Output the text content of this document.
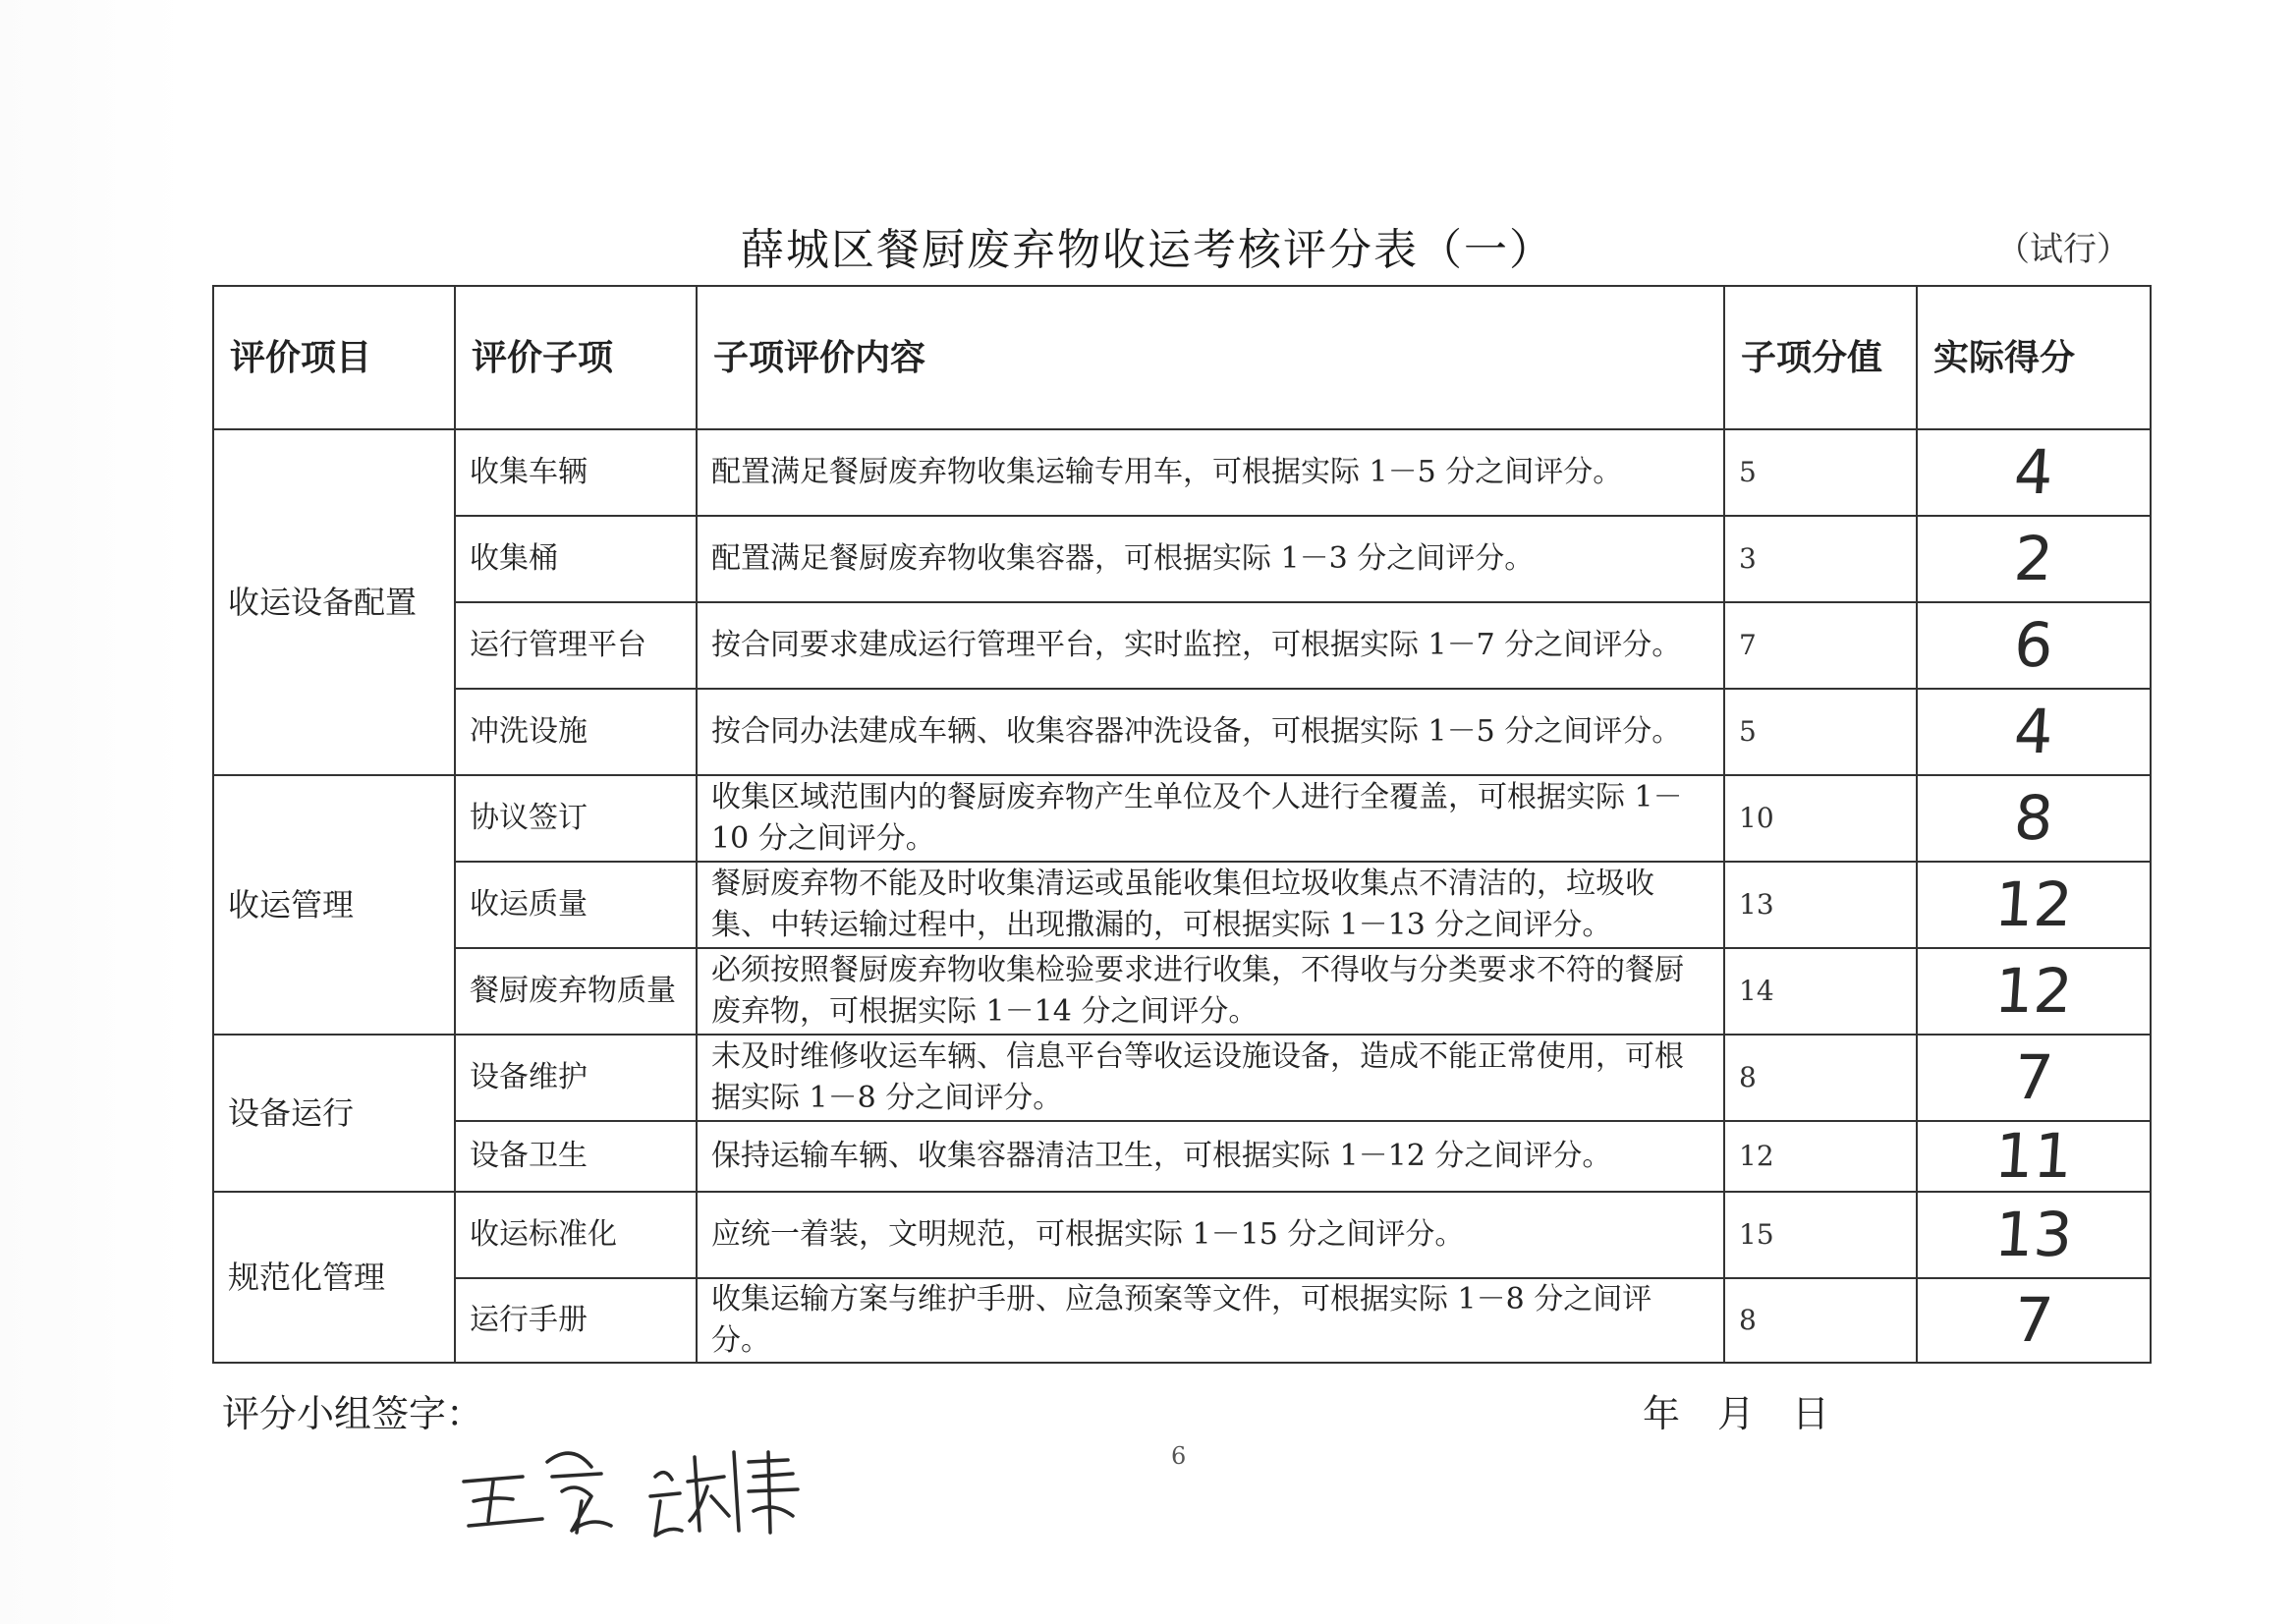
薛城区餐厨废弃物收运考核评分表（一）	（试行）
评价项目	评价子项	子项评价内容	子项分值	实际得分
收运设备配置	收集车辆	配置满足餐厨废弃物收集运输专用车，可根据实际 1－5 分之间评分。	5	4
	收集桶	配置满足餐厨废弃物收集容器，可根据实际 1－3 分之间评分。	3	2
	运行管理平台	按合同要求建成运行管理平台，实时监控，可根据实际 1－7 分之间评分。	7	6
	冲洗设施	按合同办法建成车辆、收集容器冲洗设备，可根据实际 1－5 分之间评分。	5	4
收运管理	协议签订	收集区域范围内的餐厨废弃物产生单位及个人进行全覆盖，可根据实际 1－10 分之间评分。	10	8
	收运质量	餐厨废弃物不能及时收集清运或虽能收集但垃圾收集点不清洁的，垃圾收集、中转运输过程中，出现撒漏的，可根据实际 1－13 分之间评分。	13	12
	餐厨废弃物质量	必须按照餐厨废弃物收集检验要求进行收集，不得收与分类要求不符的餐厨废弃物，可根据实际 1－14 分之间评分。	14	12
设备运行	设备维护	未及时维修收运车辆、信息平台等收运设施设备，造成不能正常使用，可根据实际 1－8 分之间评分。	8	7
	设备卫生	保持运输车辆、收集容器清洁卫生，可根据实际 1－12 分之间评分。	12	11
规范化管理	收运标准化	应统一着装，文明规范，可根据实际 1－15 分之间评分。	15	13
	运行手册	收集运输方案与维护手册、应急预案等文件，可根据实际 1－8 分之间评分。	8	7
评分小组签字：	年　月　日
6
